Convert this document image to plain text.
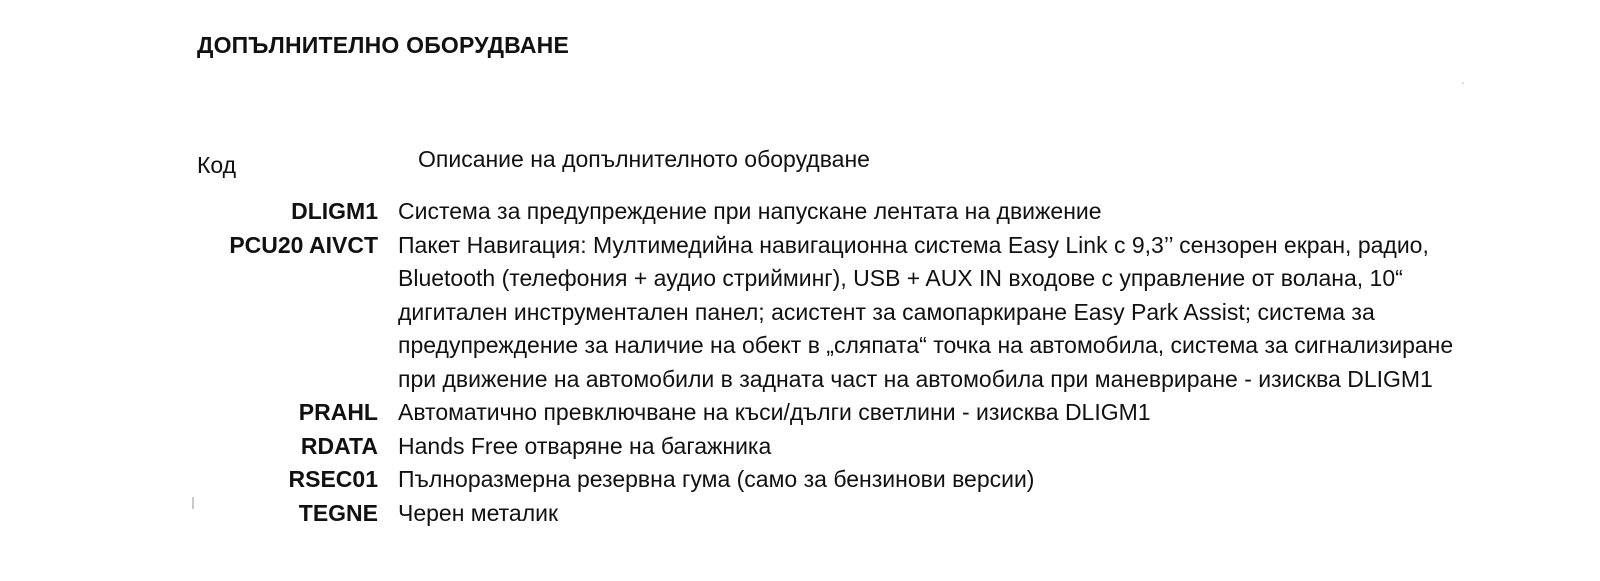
ДОПЪЛНИТЕЛНО ОБОРУДВАНЕ
Код	Описание на допълнителното оборудване
DLIGM1 Система за предупреждение при напускане лентата на движение
PCU20 AIVCT Пакет Навигация: Мултимедийна навигационна система Easy Link с 9,3’’ сензорен екран, радио, Bluetooth (телефония + аудио стрийминг), USB + AUX IN входове с управление от волана, 10“ дигитален инструментален панел; асистент за самопаркиране Easy Park Assist; система за предупреждение за наличие на обект в „сляпата“ точка на автомобила, система за сигнализиране при движение на автомобили в задната част на автомобила при маневриране - изисква DLIGM1
PRAHL Автоматично превключване на къси/дълги светлини - изисква DLIGM1
RDATA Hands Free отваряне на багажника
RSEC01 Пълноразмерна резервна гума (само за бензинови версии)
TEGNE Черен металик
